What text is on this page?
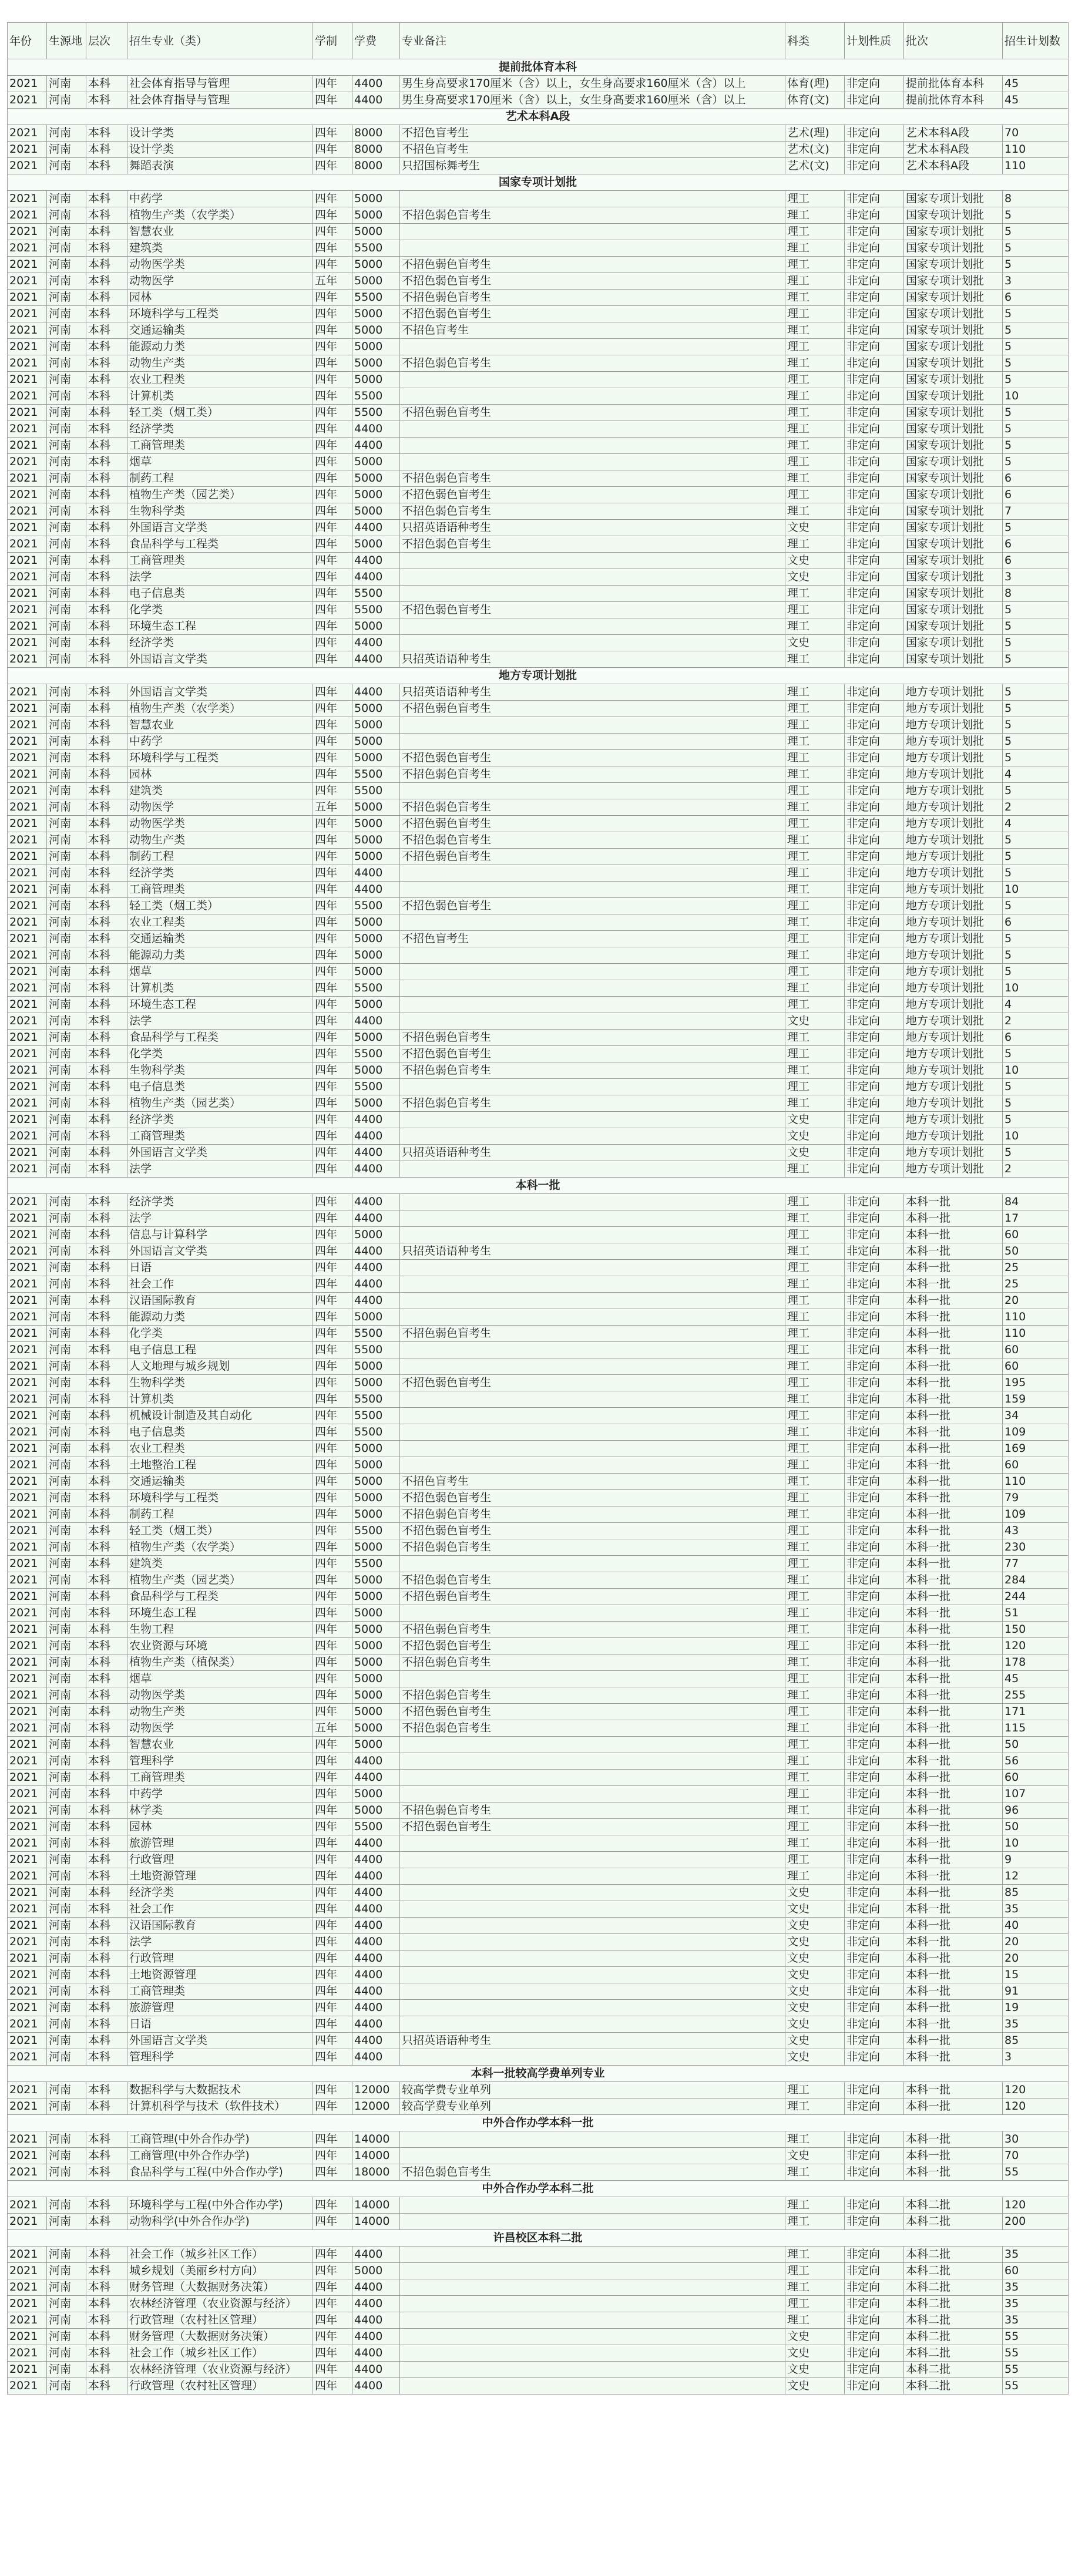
年份	生源地	层次	招生专业（类）	学制	学费	专业备注	科类	计划性质	批次	招生计划数
提前批体育本科										
2021	河南	本科	社会体育指导与管理	四年	4400	男生身高要求170厘米（含）以上，女生身高要求160厘米（含）以上	体育(理)	非定向	提前批体育本科	45
2021	河南	本科	社会体育指导与管理	四年	4400	男生身高要求170厘米（含）以上，女生身高要求160厘米（含）以上	体育(文)	非定向	提前批体育本科	45
艺术本科A段										
2021	河南	本科	设计学类	四年	8000	不招色盲考生	艺术(理)	非定向	艺术本科A段	70
2021	河南	本科	设计学类	四年	8000	不招色盲考生	艺术(文)	非定向	艺术本科A段	110
2021	河南	本科	舞蹈表演	四年	8000	只招国标舞考生	艺术(文)	非定向	艺术本科A段	110
国家专项计划批										
2021	河南	本科	中药学	四年	5000		理工	非定向	国家专项计划批	8
2021	河南	本科	植物生产类（农学类）	四年	5000	不招色弱色盲考生	理工	非定向	国家专项计划批	5
2021	河南	本科	智慧农业	四年	5000		理工	非定向	国家专项计划批	5
2021	河南	本科	建筑类	四年	5500		理工	非定向	国家专项计划批	5
2021	河南	本科	动物医学类	四年	5000	不招色弱色盲考生	理工	非定向	国家专项计划批	5
2021	河南	本科	动物医学	五年	5000	不招色弱色盲考生	理工	非定向	国家专项计划批	3
2021	河南	本科	园林	四年	5500	不招色弱色盲考生	理工	非定向	国家专项计划批	6
2021	河南	本科	环境科学与工程类	四年	5000	不招色弱色盲考生	理工	非定向	国家专项计划批	5
2021	河南	本科	交通运输类	四年	5000	不招色盲考生	理工	非定向	国家专项计划批	5
2021	河南	本科	能源动力类	四年	5000		理工	非定向	国家专项计划批	5
2021	河南	本科	动物生产类	四年	5000	不招色弱色盲考生	理工	非定向	国家专项计划批	5
2021	河南	本科	农业工程类	四年	5000		理工	非定向	国家专项计划批	5
2021	河南	本科	计算机类	四年	5500		理工	非定向	国家专项计划批	10
2021	河南	本科	轻工类（烟工类）	四年	5500	不招色弱色盲考生	理工	非定向	国家专项计划批	5
2021	河南	本科	经济学类	四年	4400		理工	非定向	国家专项计划批	5
2021	河南	本科	工商管理类	四年	4400		理工	非定向	国家专项计划批	5
2021	河南	本科	烟草	四年	5000		理工	非定向	国家专项计划批	5
2021	河南	本科	制药工程	四年	5000	不招色弱色盲考生	理工	非定向	国家专项计划批	6
2021	河南	本科	植物生产类（园艺类）	四年	5000	不招色弱色盲考生	理工	非定向	国家专项计划批	6
2021	河南	本科	生物科学类	四年	5000	不招色弱色盲考生	理工	非定向	国家专项计划批	7
2021	河南	本科	外国语言文学类	四年	4400	只招英语语种考生	文史	非定向	国家专项计划批	5
2021	河南	本科	食品科学与工程类	四年	5000	不招色弱色盲考生	理工	非定向	国家专项计划批	6
2021	河南	本科	工商管理类	四年	4400		文史	非定向	国家专项计划批	6
2021	河南	本科	法学	四年	4400		文史	非定向	国家专项计划批	3
2021	河南	本科	电子信息类	四年	5500		理工	非定向	国家专项计划批	8
2021	河南	本科	化学类	四年	5500	不招色弱色盲考生	理工	非定向	国家专项计划批	5
2021	河南	本科	环境生态工程	四年	5000		理工	非定向	国家专项计划批	5
2021	河南	本科	经济学类	四年	4400		文史	非定向	国家专项计划批	5
2021	河南	本科	外国语言文学类	四年	4400	只招英语语种考生	理工	非定向	国家专项计划批	5
地方专项计划批										
2021	河南	本科	外国语言文学类	四年	4400	只招英语语种考生	理工	非定向	地方专项计划批	5
2021	河南	本科	植物生产类（农学类）	四年	5000	不招色弱色盲考生	理工	非定向	地方专项计划批	5
2021	河南	本科	智慧农业	四年	5000		理工	非定向	地方专项计划批	5
2021	河南	本科	中药学	四年	5000		理工	非定向	地方专项计划批	5
2021	河南	本科	环境科学与工程类	四年	5000	不招色弱色盲考生	理工	非定向	地方专项计划批	5
2021	河南	本科	园林	四年	5500	不招色弱色盲考生	理工	非定向	地方专项计划批	4
2021	河南	本科	建筑类	四年	5500		理工	非定向	地方专项计划批	5
2021	河南	本科	动物医学	五年	5000	不招色弱色盲考生	理工	非定向	地方专项计划批	2
2021	河南	本科	动物医学类	四年	5000	不招色弱色盲考生	理工	非定向	地方专项计划批	4
2021	河南	本科	动物生产类	四年	5000	不招色弱色盲考生	理工	非定向	地方专项计划批	5
2021	河南	本科	制药工程	四年	5000	不招色弱色盲考生	理工	非定向	地方专项计划批	5
2021	河南	本科	经济学类	四年	4400		理工	非定向	地方专项计划批	5
2021	河南	本科	工商管理类	四年	4400		理工	非定向	地方专项计划批	10
2021	河南	本科	轻工类（烟工类）	四年	5500	不招色弱色盲考生	理工	非定向	地方专项计划批	5
2021	河南	本科	农业工程类	四年	5000		理工	非定向	地方专项计划批	6
2021	河南	本科	交通运输类	四年	5000	不招色盲考生	理工	非定向	地方专项计划批	5
2021	河南	本科	能源动力类	四年	5000		理工	非定向	地方专项计划批	5
2021	河南	本科	烟草	四年	5000		理工	非定向	地方专项计划批	5
2021	河南	本科	计算机类	四年	5500		理工	非定向	地方专项计划批	10
2021	河南	本科	环境生态工程	四年	5000		理工	非定向	地方专项计划批	4
2021	河南	本科	法学	四年	4400		文史	非定向	地方专项计划批	2
2021	河南	本科	食品科学与工程类	四年	5000	不招色弱色盲考生	理工	非定向	地方专项计划批	6
2021	河南	本科	化学类	四年	5500	不招色弱色盲考生	理工	非定向	地方专项计划批	5
2021	河南	本科	生物科学类	四年	5000	不招色弱色盲考生	理工	非定向	地方专项计划批	10
2021	河南	本科	电子信息类	四年	5500		理工	非定向	地方专项计划批	5
2021	河南	本科	植物生产类（园艺类）	四年	5000	不招色弱色盲考生	理工	非定向	地方专项计划批	5
2021	河南	本科	经济学类	四年	4400		文史	非定向	地方专项计划批	5
2021	河南	本科	工商管理类	四年	4400		文史	非定向	地方专项计划批	10
2021	河南	本科	外国语言文学类	四年	4400	只招英语语种考生	文史	非定向	地方专项计划批	5
2021	河南	本科	法学	四年	4400		理工	非定向	地方专项计划批	2
本科一批										
2021	河南	本科	经济学类	四年	4400		理工	非定向	本科一批	84
2021	河南	本科	法学	四年	4400		理工	非定向	本科一批	17
2021	河南	本科	信息与计算科学	四年	5000		理工	非定向	本科一批	60
2021	河南	本科	外国语言文学类	四年	4400	只招英语语种考生	理工	非定向	本科一批	50
2021	河南	本科	日语	四年	4400		理工	非定向	本科一批	25
2021	河南	本科	社会工作	四年	4400		理工	非定向	本科一批	25
2021	河南	本科	汉语国际教育	四年	4400		理工	非定向	本科一批	20
2021	河南	本科	能源动力类	四年	5000		理工	非定向	本科一批	110
2021	河南	本科	化学类	四年	5500	不招色弱色盲考生	理工	非定向	本科一批	110
2021	河南	本科	电子信息工程	四年	5500		理工	非定向	本科一批	60
2021	河南	本科	人文地理与城乡规划	四年	5000		理工	非定向	本科一批	60
2021	河南	本科	生物科学类	四年	5000	不招色弱色盲考生	理工	非定向	本科一批	195
2021	河南	本科	计算机类	四年	5500		理工	非定向	本科一批	159
2021	河南	本科	机械设计制造及其自动化	四年	5500		理工	非定向	本科一批	34
2021	河南	本科	电子信息类	四年	5500		理工	非定向	本科一批	109
2021	河南	本科	农业工程类	四年	5000		理工	非定向	本科一批	169
2021	河南	本科	土地整治工程	四年	5000		理工	非定向	本科一批	60
2021	河南	本科	交通运输类	四年	5000	不招色盲考生	理工	非定向	本科一批	110
2021	河南	本科	环境科学与工程类	四年	5000	不招色弱色盲考生	理工	非定向	本科一批	79
2021	河南	本科	制药工程	四年	5000	不招色弱色盲考生	理工	非定向	本科一批	109
2021	河南	本科	轻工类（烟工类）	四年	5500	不招色弱色盲考生	理工	非定向	本科一批	43
2021	河南	本科	植物生产类（农学类）	四年	5000	不招色弱色盲考生	理工	非定向	本科一批	230
2021	河南	本科	建筑类	四年	5500		理工	非定向	本科一批	77
2021	河南	本科	植物生产类（园艺类）	四年	5000	不招色弱色盲考生	理工	非定向	本科一批	284
2021	河南	本科	食品科学与工程类	四年	5000	不招色弱色盲考生	理工	非定向	本科一批	244
2021	河南	本科	环境生态工程	四年	5000		理工	非定向	本科一批	51
2021	河南	本科	生物工程	四年	5000	不招色弱色盲考生	理工	非定向	本科一批	150
2021	河南	本科	农业资源与环境	四年	5000	不招色弱色盲考生	理工	非定向	本科一批	120
2021	河南	本科	植物生产类（植保类）	四年	5000	不招色弱色盲考生	理工	非定向	本科一批	178
2021	河南	本科	烟草	四年	5000		理工	非定向	本科一批	45
2021	河南	本科	动物医学类	四年	5000	不招色弱色盲考生	理工	非定向	本科一批	255
2021	河南	本科	动物生产类	四年	5000	不招色弱色盲考生	理工	非定向	本科一批	171
2021	河南	本科	动物医学	五年	5000	不招色弱色盲考生	理工	非定向	本科一批	115
2021	河南	本科	智慧农业	四年	5000		理工	非定向	本科一批	50
2021	河南	本科	管理科学	四年	4400		理工	非定向	本科一批	56
2021	河南	本科	工商管理类	四年	4400		理工	非定向	本科一批	60
2021	河南	本科	中药学	四年	5000		理工	非定向	本科一批	107
2021	河南	本科	林学类	四年	5000	不招色弱色盲考生	理工	非定向	本科一批	96
2021	河南	本科	园林	四年	5500	不招色弱色盲考生	理工	非定向	本科一批	50
2021	河南	本科	旅游管理	四年	4400		理工	非定向	本科一批	10
2021	河南	本科	行政管理	四年	4400		理工	非定向	本科一批	9
2021	河南	本科	土地资源管理	四年	4400		理工	非定向	本科一批	12
2021	河南	本科	经济学类	四年	4400		文史	非定向	本科一批	85
2021	河南	本科	社会工作	四年	4400		文史	非定向	本科一批	35
2021	河南	本科	汉语国际教育	四年	4400		文史	非定向	本科一批	40
2021	河南	本科	法学	四年	4400		文史	非定向	本科一批	20
2021	河南	本科	行政管理	四年	4400		文史	非定向	本科一批	20
2021	河南	本科	土地资源管理	四年	4400		文史	非定向	本科一批	15
2021	河南	本科	工商管理类	四年	4400		文史	非定向	本科一批	91
2021	河南	本科	旅游管理	四年	4400		文史	非定向	本科一批	19
2021	河南	本科	日语	四年	4400		文史	非定向	本科一批	35
2021	河南	本科	外国语言文学类	四年	4400	只招英语语种考生	文史	非定向	本科一批	85
2021	河南	本科	管理科学	四年	4400		文史	非定向	本科一批	3
本科一批较高学费单列专业										
2021	河南	本科	数据科学与大数据技术	四年	12000	较高学费专业单列	理工	非定向	本科一批	120
2021	河南	本科	计算机科学与技术（软件技术）	四年	12000	较高学费专业单列	理工	非定向	本科一批	120
中外合作办学本科一批										
2021	河南	本科	工商管理(中外合作办学)	四年	14000		理工	非定向	本科一批	30
2021	河南	本科	工商管理(中外合作办学)	四年	14000		文史	非定向	本科一批	70
2021	河南	本科	食品科学与工程(中外合作办学)	四年	18000	不招色弱色盲考生	理工	非定向	本科一批	55
中外合作办学本科二批										
2021	河南	本科	环境科学与工程(中外合作办学)	四年	14000		理工	非定向	本科二批	120
2021	河南	本科	动物科学(中外合作办学)	四年	14000		理工	非定向	本科二批	200
许昌校区本科二批										
2021	河南	本科	社会工作（城乡社区工作）	四年	4400		理工	非定向	本科二批	35
2021	河南	本科	城乡规划（美丽乡村方向）	四年	5000		理工	非定向	本科二批	60
2021	河南	本科	财务管理（大数据财务决策）	四年	4400		理工	非定向	本科二批	35
2021	河南	本科	农林经济管理（农业资源与经济）	四年	4400		理工	非定向	本科二批	35
2021	河南	本科	行政管理（农村社区管理）	四年	4400		理工	非定向	本科二批	35
2021	河南	本科	财务管理（大数据财务决策）	四年	4400		文史	非定向	本科二批	55
2021	河南	本科	社会工作（城乡社区工作）	四年	4400		文史	非定向	本科二批	55
2021	河南	本科	农林经济管理（农业资源与经济）	四年	4400		文史	非定向	本科二批	55
2021	河南	本科	行政管理（农村社区管理）	四年	4400		文史	非定向	本科二批	55
